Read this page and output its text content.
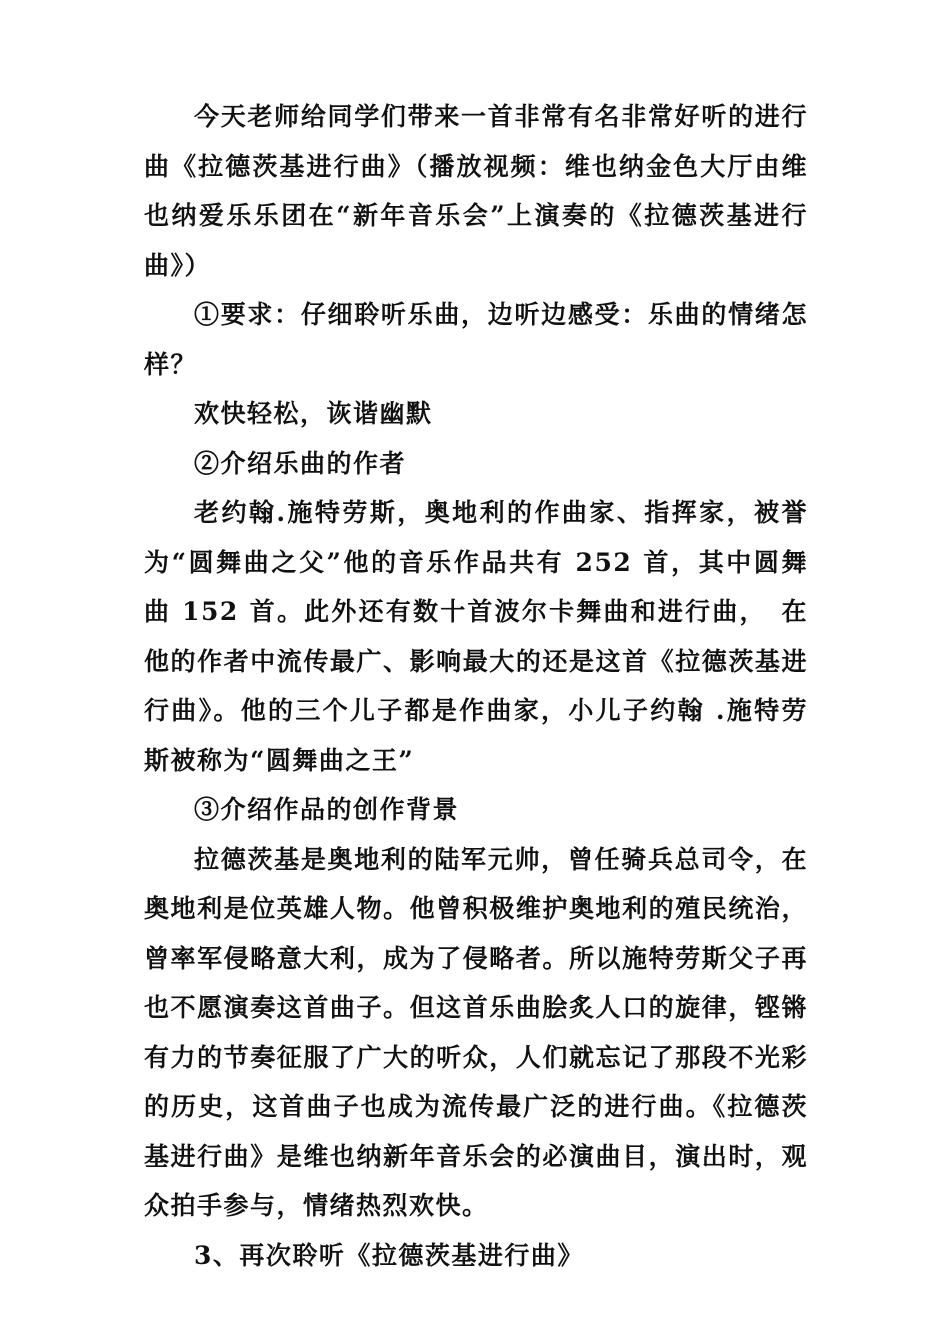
今天老师给同学们带来一首非常有名非常好听的进行曲《拉德茨基进行曲》（播放视频：维也纳金色大厅由维也纳爱乐乐团在“新年音乐会”上演奏的《拉德茨基进行曲》）

①要求：仔细聆听乐曲，边听边感受：乐曲的情绪怎样？

欢快轻松，诙谐幽默

②介绍乐曲的作者

老约翰.施特劳斯，奥地利的作曲家、指挥家，被誉为“圆舞曲之父”他的音乐作品共有 252 首，其中圆舞曲 152 首。此外还有数十首波尔卡舞曲和进行曲，　在他的作者中流传最广、影响最大的还是这首《拉德茨基进行曲》。他的三个儿子都是作曲家，小儿子约翰 .施特劳斯被称为“圆舞曲之王”

③介绍作品的创作背景

拉德茨基是奥地利的陆军元帅，曾任骑兵总司令，在奥地利是位英雄人物。他曾积极维护奥地利的殖民统治，曾率军侵略意大利，成为了侵略者。所以施特劳斯父子再也不愿演奏这首曲子。但这首乐曲脍炙人口的旋律，铿锵有力的节奏征服了广大的听众，人们就忘记了那段不光彩的历史，这首曲子也成为流传最广泛的进行曲。《拉德茨基进行曲》是维也纳新年音乐会的必演曲目，演出时，观众拍手参与，情绪热烈欢快。

3、再次聆听《拉德茨基进行曲》
